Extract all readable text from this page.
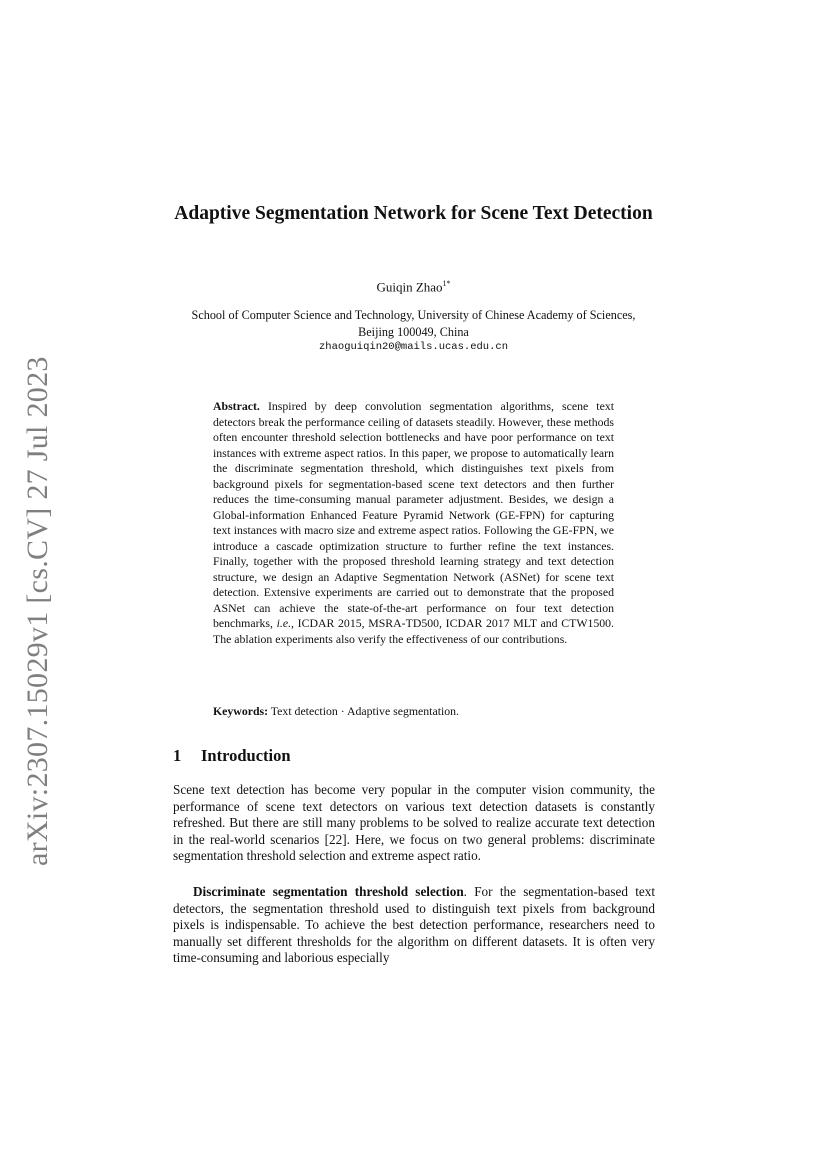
arXiv:2307.15029v1 [cs.CV] 27 Jul 2023
Adaptive Segmentation Network for Scene Text Detection

Guiqin Zhao$^{1*}$

School of Computer Science and Technology, University of Chinese Academy of Sciences, Beijing 100049, China

zhaoguiqin20@mails.ucas.edu.cn

Abstract. Inspired by deep convolution segmentation algorithms, scene text detectors break the performance ceiling of datasets steadily. However, these methods often encounter threshold selection bottlenecks and have poor performance on text instances with extreme aspect ratios. In this paper, we propose to automatically learn the discriminate segmentation threshold, which distinguishes text pixels from background pixels for segmentation-based scene text detectors and then further reduces the time-consuming manual parameter adjustment. Besides, we design a Global-information Enhanced Feature Pyramid Network (GE-FPN) for capturing text instances with macro size and extreme aspect ratios. Following the GE-FPN, we introduce a cascade optimization structure to further refine the text instances. Finally, together with the proposed threshold learning strategy and text detection structure, we design an Adaptive Segmentation Network (ASNet) for scene text detection. Extensive experiments are carried out to demonstrate that the proposed ASNet can achieve the state-of-the-art performance on four text detection benchmarks, i.e., ICDAR 2015, MSRA-TD500, ICDAR 2017 MLT and CTW1500. The ablation experiments also verify the effectiveness of our contributions.

Keywords: Text detection · Adaptive segmentation.

1 Introduction

Scene text detection has become very popular in the computer vision community, the performance of scene text detectors on various text detection datasets is constantly refreshed. But there are still many problems to be solved to realize accurate text detection in the real-world scenarios [22]. Here, we focus on two general problems: discriminate segmentation threshold selection and extreme aspect ratio.

Discriminate segmentation threshold selection. For the segmentation-based text detectors, the segmentation threshold used to distinguish text pixels from background pixels is indispensable. To achieve the best detection performance, researchers need to manually set different thresholds for the algorithm on different datasets. It is often very time-consuming and laborious especially
